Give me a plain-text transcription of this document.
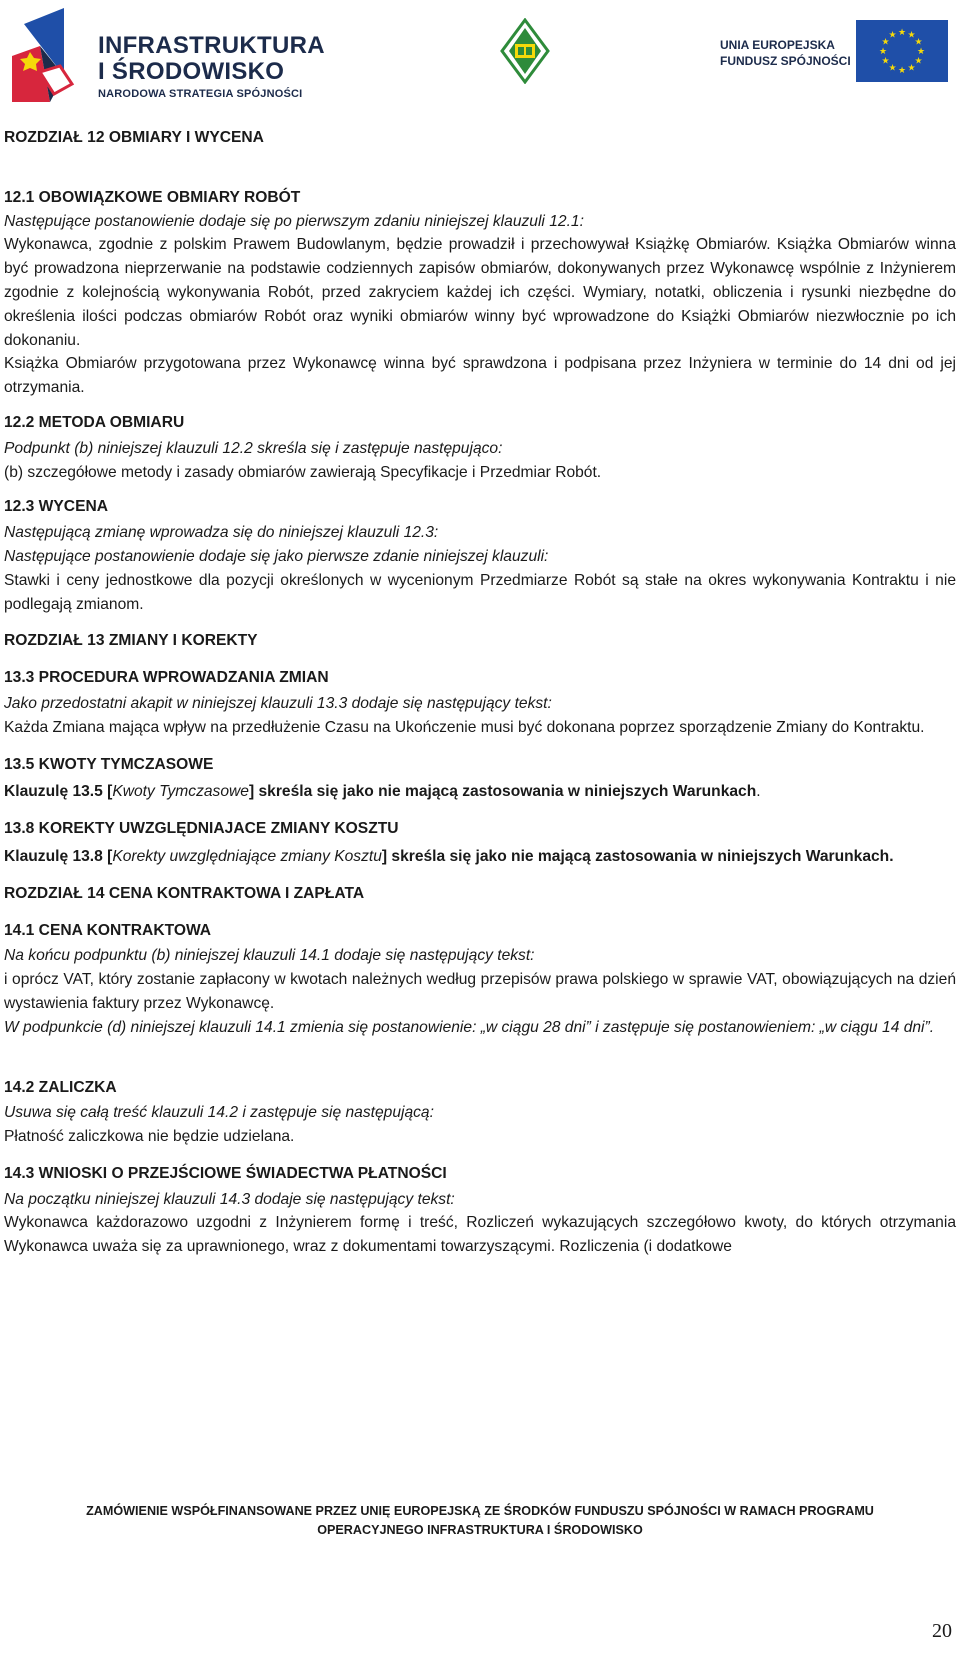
INFRASTRUKTURA
I ŚRODOWISKO
NARODOWA STRATEGIA SPÓJNOŚCI
UNIA EUROPEJSKA
FUNDUSZ SPÓJNOŚCI
★ ★
★
★
★
★
★
★
★
★
★
★

ROZDZIAŁ 12 OBMIARY I WYCENA

12.1 OBOWIĄZKOWE OBMIARY ROBÓT

Następujące postanowienie dodaje się po pierwszym zdaniu niniejszej klauzuli 12.1:

Wykonawca, zgodnie z polskim Prawem Budowlanym, będzie prowadził i przechowywał Książkę Obmiarów. Książka Obmiarów winna być prowadzona nieprzerwanie na podstawie codziennych zapisów obmiarów, dokonywanych przez Wykonawcę wspólnie z Inżynierem zgodnie z kolejnością wykonywania Robót, przed zakryciem każdej ich części. Wymiary, notatki, obliczenia i rysunki niezbędne do określenia ilości podczas obmiarów Robót oraz wyniki obmiarów winny być wprowadzone do Książki Obmiarów niezwłocznie po ich dokonaniu.

Książka Obmiarów przygotowana przez Wykonawcę winna być sprawdzona i podpisana przez Inżyniera w terminie do 14 dni od jej otrzymania.

12.2 METODA OBMIARU

Podpunkt (b) niniejszej klauzuli 12.2 skreśla się i zastępuje następująco:

(b) szczegółowe metody i zasady obmiarów zawierają Specyfikacje i Przedmiar Robót.

12.3 WYCENA

Następującą zmianę wprowadza się do niniejszej klauzuli 12.3:

Następujące postanowienie dodaje się jako pierwsze zdanie niniejszej klauzuli:

Stawki i ceny jednostkowe dla pozycji określonych w wycenionym Przedmiarze Robót są stałe na okres wykonywania Kontraktu i nie podlegają zmianom.

ROZDZIAŁ 13 ZMIANY I KOREKTY

13.3 PROCEDURA WPROWADZANIA ZMIAN

Jako przedostatni akapit w niniejszej klauzuli 13.3 dodaje się następujący tekst:

Każda Zmiana mająca wpływ na przedłużenie Czasu na Ukończenie musi być dokonana poprzez sporządzenie Zmiany do Kontraktu.

13.5 KWOTY TYMCZASOWE

Klauzulę 13.5 [Kwoty Tymczasowe] skreśla się jako nie mającą zastosowania w niniejszych Warunkach.

13.8 KOREKTY UWZGLĘDNIAJACE ZMIANY KOSZTU

Klauzulę 13.8 [Korekty uwzględniające zmiany Kosztu] skreśla się jako nie mającą zastosowania w niniejszych Warunkach.

ROZDZIAŁ 14 CENA KONTRAKTOWA I ZAPŁATA

14.1 CENA KONTRAKTOWA

Na końcu podpunktu (b) niniejszej klauzuli 14.1 dodaje się następujący tekst:

i oprócz VAT, który zostanie zapłacony w kwotach należnych według przepisów prawa polskiego w sprawie VAT, obowiązujących na dzień wystawienia faktury przez Wykonawcę.

W podpunkcie (d) niniejszej klauzuli 14.1 zmienia się postanowienie: „w ciągu 28 dni” i zastępuje się postanowieniem: „w ciągu 14 dni”.

14.2 ZALICZKA

Usuwa się całą treść klauzuli 14.2 i zastępuje się następującą:

Płatność zaliczkowa nie będzie udzielana.

14.3 WNIOSKI O PRZEJŚCIOWE ŚWIADECTWA PŁATNOŚCI

Na początku niniejszej klauzuli 14.3 dodaje się następujący tekst:

Wykonawca każdorazowo uzgodni z Inżynierem formę i treść, Rozliczeń wykazujących szczegółowo kwoty, do których otrzymania Wykonawca uważa się za uprawnionego, wraz z dokumentami towarzyszącymi. Rozliczenia (i dodatkowe

ZAMÓWIENIE WSPÓŁFINANSOWANE PRZEZ UNIĘ EUROPEJSKĄ ZE ŚRODKÓW FUNDUSZU SPÓJNOŚCI W RAMACH PROGRAMU
OPERACYJNEGO INFRASTRUKTURA I ŚRODOWISKO
20
